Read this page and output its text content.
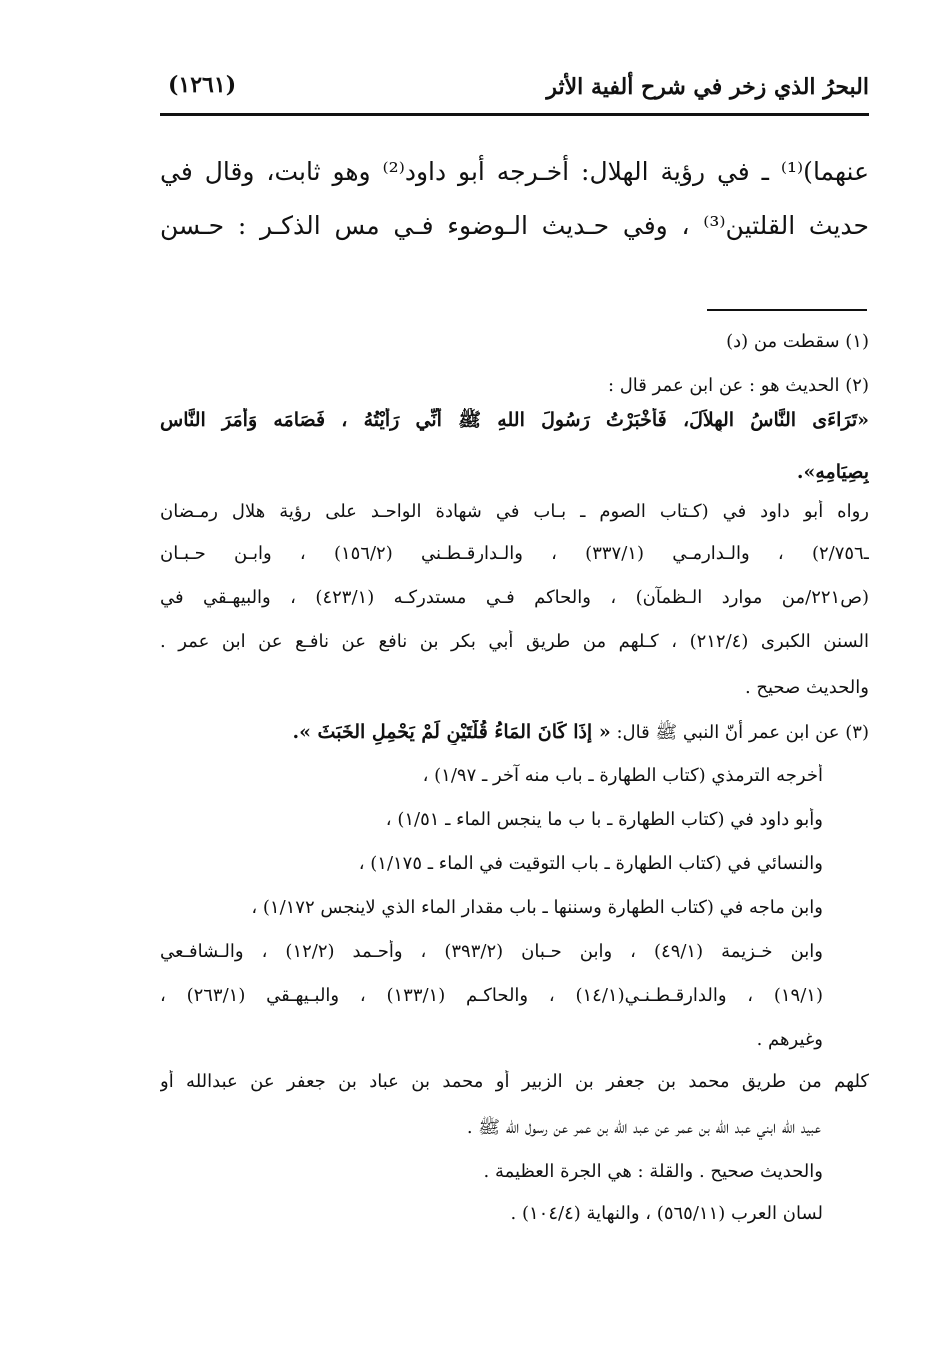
البحرُ الذي زخر في شرح ألفية الأثر
(١٢٦١)
عنهما)⁽¹⁾ ـ في رؤية الهلال: أخـرجه أبو داود⁽²⁾ وهو ثابت، وقال في
حديث القلتين⁽³⁾ ، وفي حـديث الـوضوء فـي مس الذكـر : حـسن
(١) سقطت من (د)
(٢) الحديث هو : عن ابن عمر قال :
«تَرَاءَى النَّاسُ الهِلاَلَ، فَأَخْبَرْتُ رَسُولَ اللهِ ﷺ أَنِّي رَأَيْتُهُ ، فَصَامَه وَأَمَرَ النَّاس
بِصِيَامِهِ».
رواه أبو داود في (كـتاب الصوم ـ بـاب في شهادة الواحـد على رؤية هلال رمـضان
ـ٢/٧٥٦) ، والـدارمـي (٣٣٧/١) ، والـدارقـطـني (١٥٦/٢) ، وابـن حـبـان
(ص٢٢١/من موارد الـظمآن) ، والحاكم فـي مستدركـه (٤٢٣/١) ، والبيهـقي في
السنن الكبرى (٢١٢/٤) ، كـلهم من طريق أبي بكر بن نافع عن نافـع عن ابن عمر .
والحديث صحيح .
(٣) عن ابن عمر أنّ النبي ﷺ قال: « إذَا كَانَ المَاءُ قُلَّتَيْنِ لَمْ يَحْمِلِ الخَبَثَ ».
أخرجه الترمذي (كتاب الطهارة ـ باب منه آخر ـ ١/٩٧) ،
وأبو داود في (كتاب الطهارة ـ با ب ما ينجس الماء ـ ١/٥١) ،
والنسائي في (كتاب الطهارة ـ باب التوقيت في الماء ـ ١/١٧٥) ،
وابن ماجه في (كتاب الطهارة وسننها ـ باب مقدار الماء الذي لاينجس ١/١٧٢) ،
وابن خـزيمة (٤٩/١) ، وابن حـبان (٣٩٣/٢) ، وأحـمد (١٢/٢) ، والـشافـعي
(١٩/١) ، والدارقـطـنـي(١٤/١) ، والحاكـم (١٣٣/١) ، والبـيهـقي (٢٦٣/١) ،
وغيرهم .
كلهم من طريق محمد بن جعفر بن الزبير أو محمد بن عباد بن جعفر عن عبدالله أو
عبيد الله ابني عبد الله بن عمر عن عبد الله بن عمر عن رسول الله ﷺ .
والحديث صحيح . والقلة : هي الجرة العظيمة .
لسان العرب (٥٦٥/١١) ، والنهاية (١٠٤/٤) .
